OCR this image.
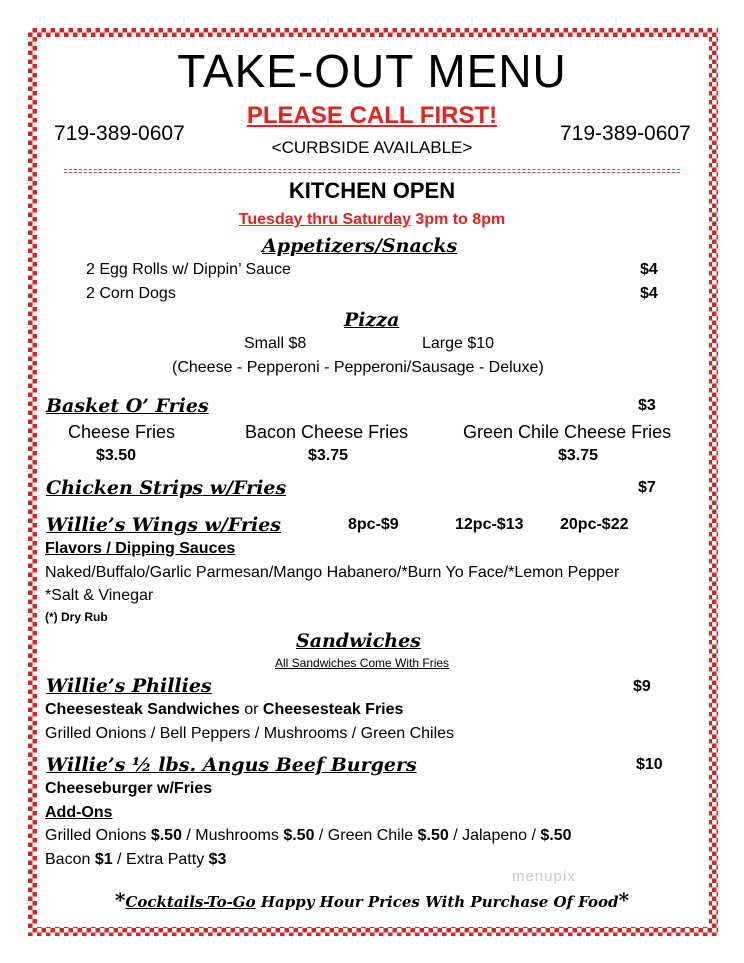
TAKE-OUT MENU
PLEASE CALL FIRST!
<CURBSIDE AVAILABLE>
719-389-0607	719-389-0607
KITCHEN OPEN
Tuesday thru Saturday 3pm to 8pm
Appetizers/Snacks
2 Egg Rolls w/ Dippin’ Sauce	$4
2 Corn Dogs	$4
Pizza
Small $8	Large $10
(Cheese - Pepperoni - Pepperoni/Sausage - Deluxe)
Basket O’ Fries	$3
Cheese Fries	Bacon Cheese Fries	Green Chile Cheese Fries
$3.50	$3.75	$3.75
Chicken Strips w/Fries	$7
Willie’s Wings w/Fries	8pc-$9	12pc-$13 20pc-$22
Flavors / Dipping Sauces
Naked/Buffalo/Garlic Parmesan/Mango Habanero/*Burn Yo Face/*Lemon Pepper
*Salt & Vinegar
(*) Dry Rub
Sandwiches
All Sandwiches Come With Fries
Willie’s Phillies	$9
Cheesesteak Sandwiches or Cheesesteak Fries
Grilled Onions / Bell Peppers / Mushrooms / Green Chiles
Willie’s ½ lbs. Angus Beef Burgers	$10
Cheeseburger w/Fries
Add-Ons
Grilled Onions $.50 / Mushrooms $.50 / Green Chile $.50 / Jalapeno / $.50
Bacon $1 / Extra Patty $3
menupix
*Cocktails-To-Go Happy Hour Prices With Purchase Of Food*
